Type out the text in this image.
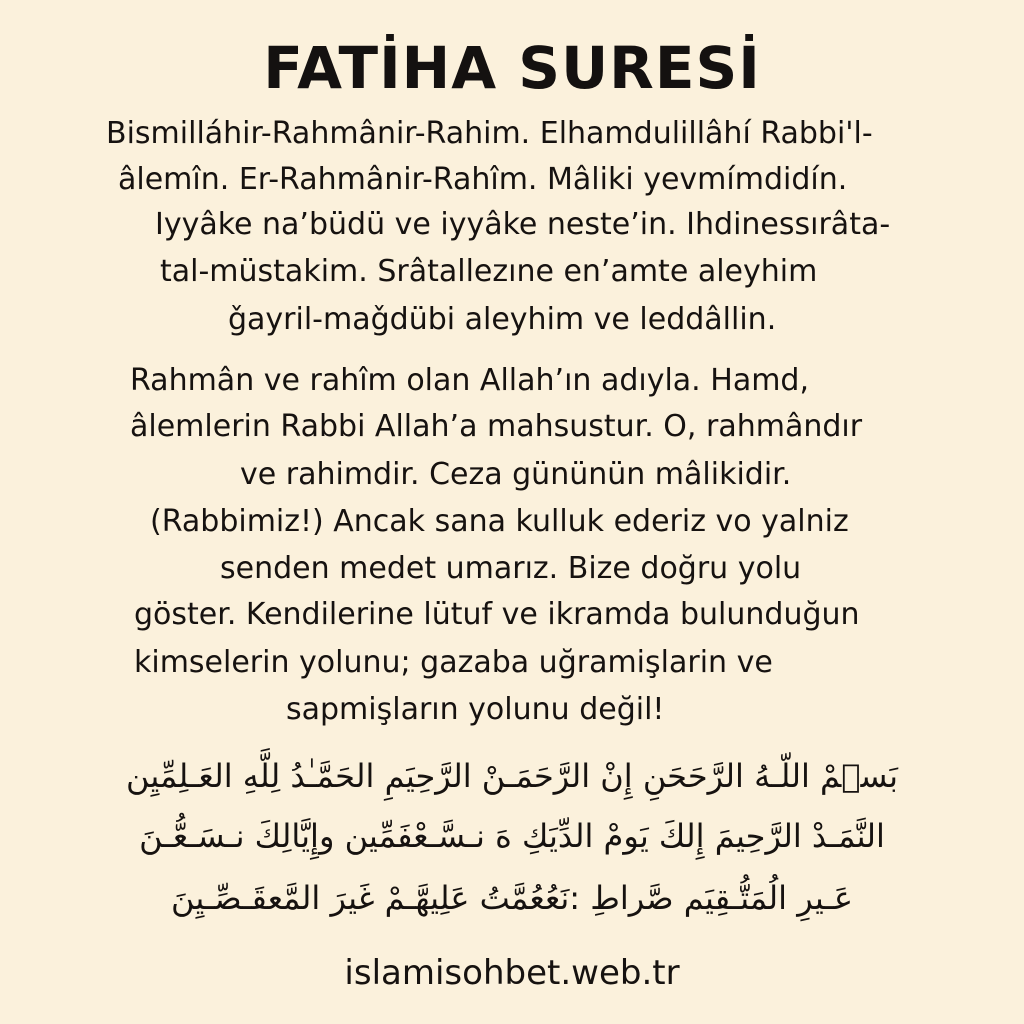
FATİHA SURESİ
Bismilláhir-Rahmânir-Rahim. Elhamdulillâhí Rabbi'l-
âlemı̂n. Er-Rahmânir-Rahı̂m. Mâliki yevmímdidín.
Iyyâke na’büdü ve iyyâke neste’in. Ihdinessırâta-
tal-müstakim. Srâtallezıne en’amte aleyhim
ǧayril-maǧdübi aleyhim ve leddâllin.
Rahmân ve rahı̂m olan Allah’ın adıyla. Hamd,
âlemlerin Rabbi Allah’a mahsustur. O, rahmândır
ve rahimdir. Ceza gününün mâlı̇kidir.
(Rabbimiz!) Ancak sana kulluk ederı̇z vo yalniz
senden medet umarız. Bize doğru yolu
göster. Kendilerine lütuf ve ikramda bulunduğun
kimselerin yolunu; gazaba uğramişlarin ve
sapmişların yolunu değil!
بَسۡمْ اللّـهُ الرَّحَحَنِ إِنْ الرَّحَمَـنْ الرَّحِيَمِ الحَمَّـٰدُ لِلَّهِ العَـلِمِّيِن
النَّمَـدْ الرَّحِيمَ إِلكَ يَومْ الدِّيَكِ هَ نـسَّـعْفَمِّين وإِيَّالِكَ نـسَـعُّـنَ
عَـيرِ الُمَتُّـقِيَم صَّراطِ :نَعُعُمَّتُ عَلِيهَّـمْ غَيرَ المَّعقَـصِّـيِنَ
islamisohbet.web.tr
